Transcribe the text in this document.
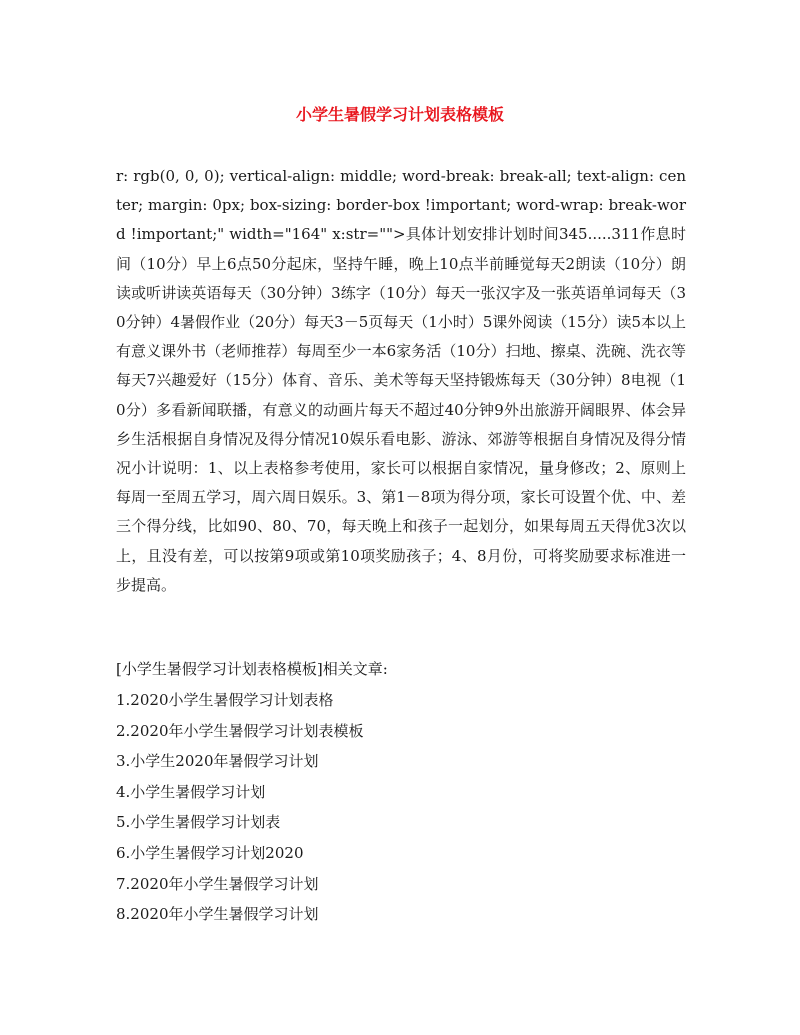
小学生暑假学习计划表格模板

r: rgb(0, 0, 0); vertical-align: middle; word-break: break-all; text-align: center; margin: 0px; box-sizing: border-box !important; word-wrap: break-word !important;" width="164" x:str="">具体计划安排计划时间345.....311作息时间（10分）早上6点50分起床，坚持午睡，晚上10点半前睡觉每天2朗读（10分）朗读或听讲读英语每天（30分钟）3练字（10分）每天一张汉字及一张英语单词每天（30分钟）4暑假作业（20分）每天3－5页每天（1小时）5课外阅读（15分）读5本以上有意义课外书（老师推荐）每周至少一本6家务活（10分）扫地、擦桌、洗碗、洗衣等每天7兴趣爱好（15分）体育、音乐、美术等每天坚持锻炼每天（30分钟）8电视（10分）多看新闻联播，有意义的动画片每天不超过40分钟9外出旅游开阔眼界、体会异乡生活根据自身情况及得分情况10娱乐看电影、游泳、郊游等根据自身情况及得分情况小计说明：1、以上表格参考使用，家长可以根据自家情况，量身修改；2、原则上每周一至周五学习，周六周日娱乐。3、第1－8项为得分项，家长可设置个优、中、差三个得分线，比如90、80、70，每天晚上和孩子一起划分，如果每周五天得优3次以上，且没有差，可以按第9项或第10项奖励孩子；4、8月份，可将奖励要求标准进一步提高。

[小学生暑假学习计划表格模板]相关文章:
1.2020小学生暑假学习计划表格
2.2020年小学生暑假学习计划表模板
3.小学生2020年暑假学习计划
4.小学生暑假学习计划
5.小学生暑假学习计划表
6.小学生暑假学习计划2020
7.2020年小学生暑假学习计划
8.2020年小学生暑假学习计划
